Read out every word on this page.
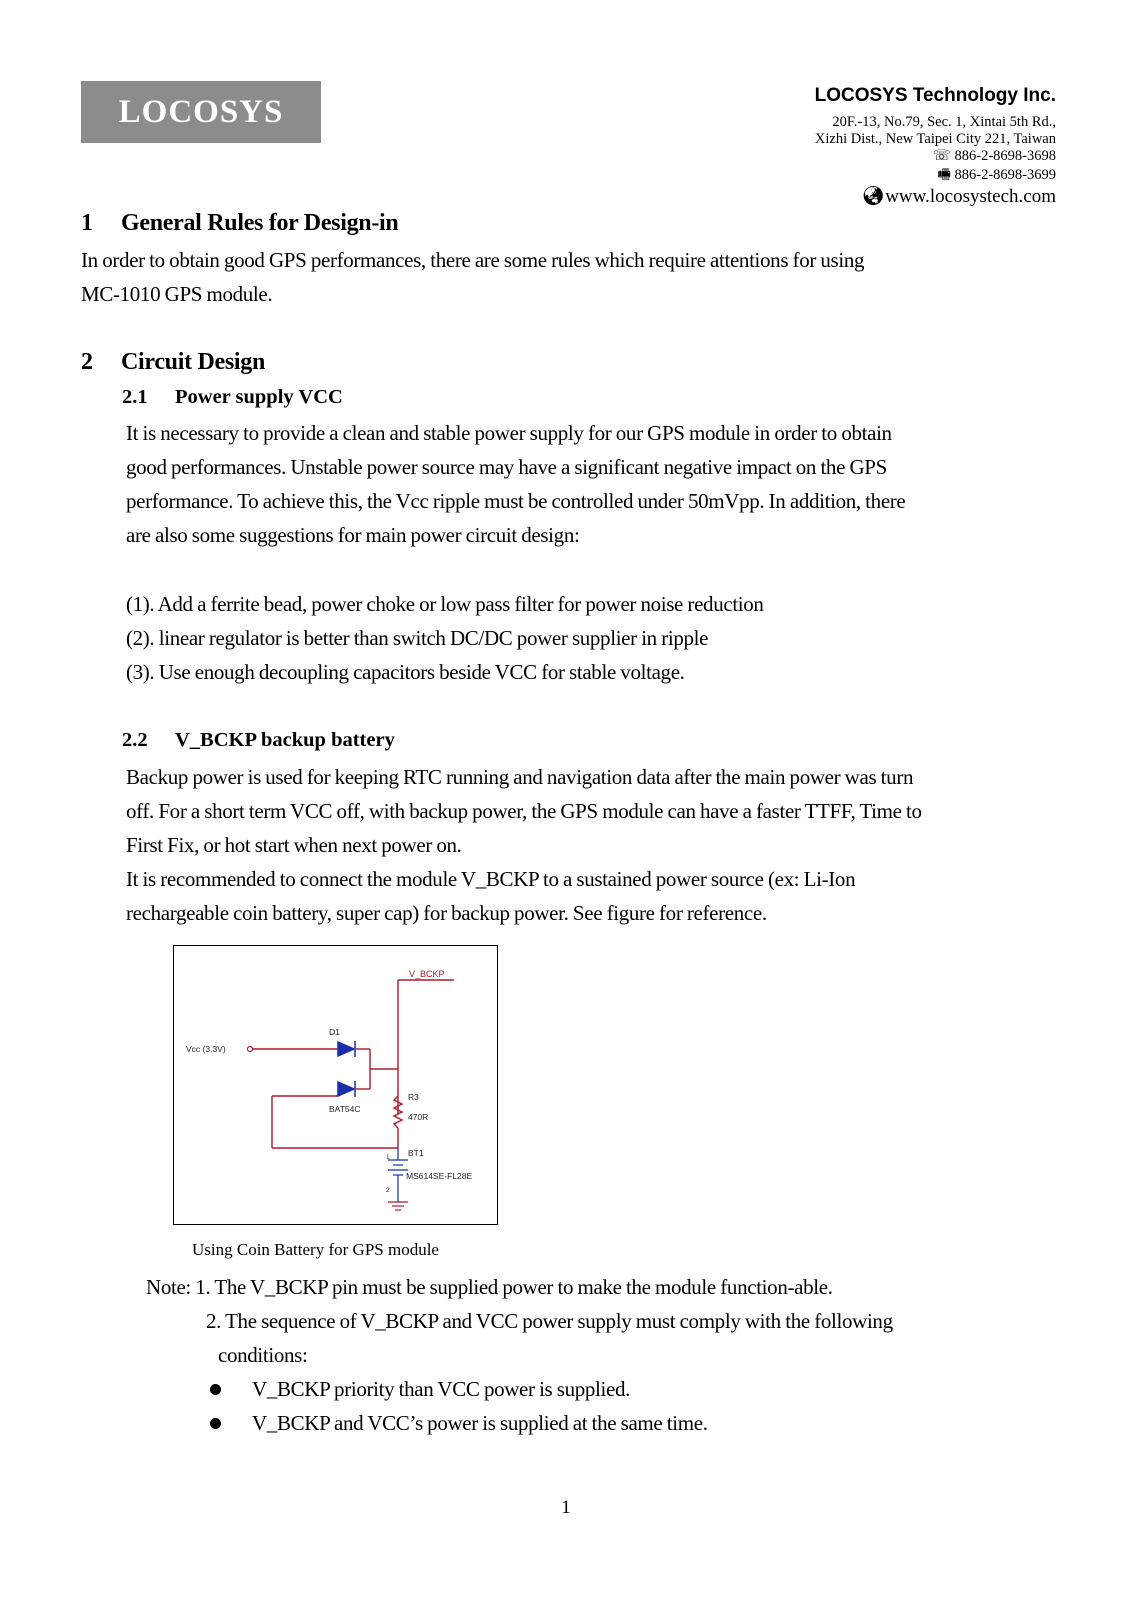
LOCOSYS	LOCOSYS Technology Inc.
20F.-13, No.79, Sec. 1, Xintai 5th Rd.,
Xizhi Dist., New Taipei City 221, Taiwan
☏ 886-2-8698-3698
🖷 886-2-8698-3699
🌏︎www.locosystech.com
1 General Rules for Design-in
In order to obtain good GPS performances, there are some rules which require attentions for using
MC-1010 GPS module.
2 Circuit Design
2.1 Power supply VCC
It is necessary to provide a clean and stable power supply for our GPS module in order to obtain
good performances. Unstable power source may have a significant negative impact on the GPS
performance. To achieve this, the Vcc ripple must be controlled under 50mVpp. In addition, there
are also some suggestions for main power circuit design:
(1). Add a ferrite bead, power choke or low pass filter for power noise reduction
(2). linear regulator is better than switch DC/DC power supplier in ripple
(3). Use enough decoupling capacitors beside VCC for stable voltage.
2.2 V_BCKP backup battery
Backup power is used for keeping RTC running and navigation data after the main power was turn
off. For a short term VCC off, with backup power, the GPS module can have a faster TTFF, Time to
First Fix, or hot start when next power on.
It is recommended to connect the module V_BCKP to a sustained power source (ex: Li-Ion
rechargeable coin battery, super cap) for backup power. See figure for reference.
V_BCKP
Vcc (3.3V)
D1
BAT54C
R3
470R
BT1
MS614SE-FL28E
1
2
Using Coin Battery for GPS module
Note: 1. The V_BCKP pin must be supplied power to make the module function-able.
2. The sequence of V_BCKP and VCC power supply must comply with the following
conditions:
V_BCKP priority than VCC power is supplied.
V_BCKP and VCC’s power is supplied at the same time.
1
